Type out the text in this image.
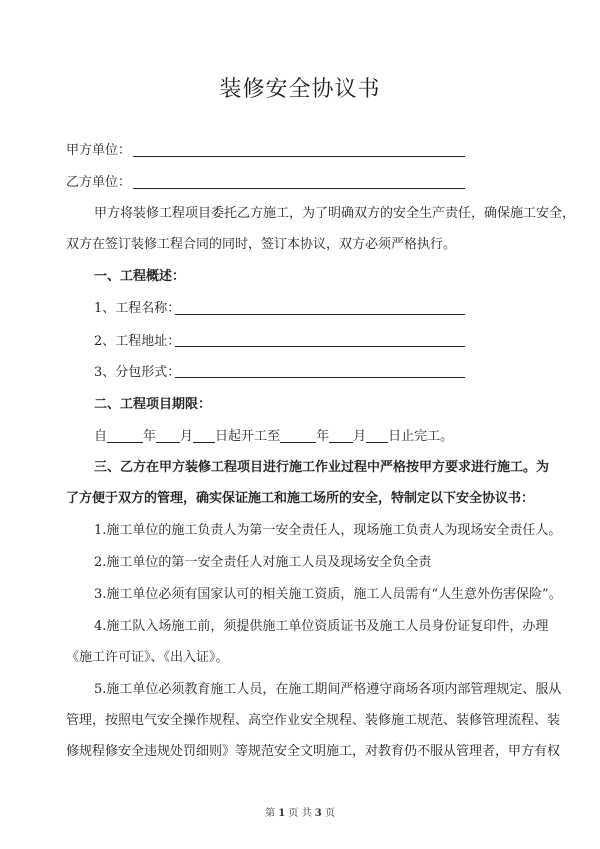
装修安全协议书
甲方单位：
乙方单位：
甲方将装修工程项目委托乙方施工，为了明确双方的安全生产责任，确保施工安全，
双方在签订装修工程合同的同时，签订本协议，双方必须严格执行。
一、工程概述：
1、工程名称：
2、工程地址：
3、分包形式：
二、工程项目期限：
自	年 月 日起开工至	年 月 日止完工。
三、乙方在甲方装修工程项目进行施工作业过程中严格按甲方要求进行施工。为
了方便于双方的管理，确实保证施工和施工场所的安全，特制定以下安全协议书：
1.施工单位的施工负责人为第一安全责任人，现场施工负责人为现场安全责任人。
2.施工单位的第一安全责任人对施工人员及现场安全负全责
3.施工单位必须有国家认可的相关施工资质，施工人员需有“人生意外伤害保险”。
4.施工队入场施工前，须提供施工单位资质证书及施工人员身份证复印件，办理
《施工许可证》、《出入证》。
5.施工单位必须教育施工人员，在施工期间严格遵守商场各项内部管理规定、服从
管理，按照电气安全操作规程、高空作业安全规程、装修施工规范、装修管理流程、装
修规程修安全违规处罚细则》等规范安全文明施工，对教育仍不服从管理者，甲方有权
第 1 页 共 3 页
